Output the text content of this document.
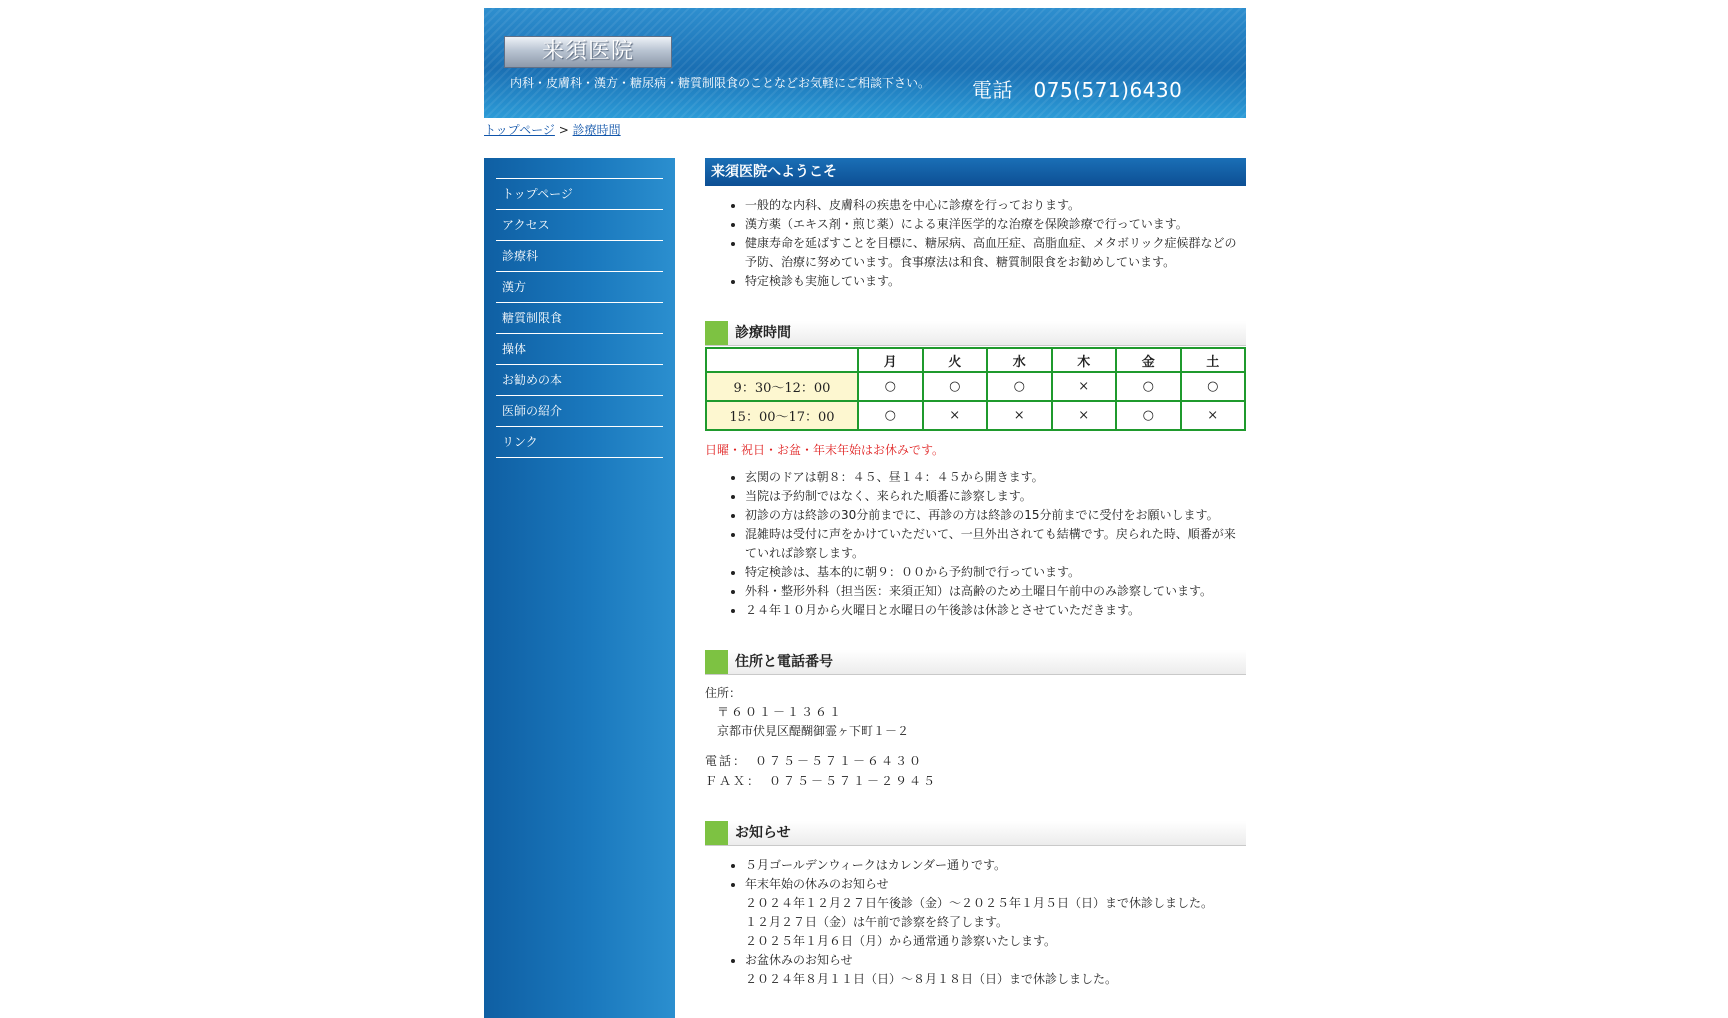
来須医院
内科・皮膚科・漢方・糖尿病・糖質制限食のことなどお気軽にご相談下さい。 電話　075(571)6430
トップページ > 診療時間
トップページ
アクセス
診療科
漢方
糖質制限食
操体
お勧めの本
医師の紹介
リンク
来須医院へようこそ
• 一般的な内科、皮膚科の疾患を中心に診療を行っております。
• 漢方薬（エキス剤・煎じ薬）による東洋医学的な治療を保険診療で行っています。
• 健康寿命を延ばすことを目標に、糖尿病、高血圧症、高脂血症、メタボリック症候群などの予防、治療に努めています。食事療法は和食、糖質制限食をお勧めしています。
• 特定検診も実施しています。
診療時間
	月	火	水	木	金	土
9：30～12：00	○	○	○	×	○	○
15：00～17：00	○	×	×	×	○	×
日曜・祝日・お盆・年末年始はお休みです。
• 玄関のドアは朝８：４５、昼１４：４５から開きます。
• 当院は予約制ではなく、来られた順番に診察します。
• 初診の方は終診の30分前までに、再診の方は終診の15分前までに受付をお願いします。
• 混雑時は受付に声をかけていただいて、一旦外出されても結構です。戻られた時、順番が来ていれば診察します。
• 特定検診は、基本的に朝９：００から予約制で行っています。
• 外科・整形外科（担当医：来須正知）は高齢のため土曜日午前中のみ診察しています。
• ２４年１０月から火曜日と水曜日の午後診は休診とさせていただきます。
住所と電話番号
住所：
〒６０１－１３６１
京都市伏見区醍醐御霊ヶ下町１－２
電話：　０７５－５７１－６４３０
ＦＡＸ：　０７５－５７１－２９４５
お知らせ
• ５月ゴールデンウィークはカレンダー通りです。
• 年末年始の休みのお知らせ
２０２４年１２月２７日午後診（金）～２０２５年１月５日（日）まで休診しました。
１２月２７日（金）は午前で診察を終了します。
２０２５年１月６日（月）から通常通り診察いたします。
• お盆休みのお知らせ
２０２４年８月１１日（日）～８月１８日（日）まで休診しました。
